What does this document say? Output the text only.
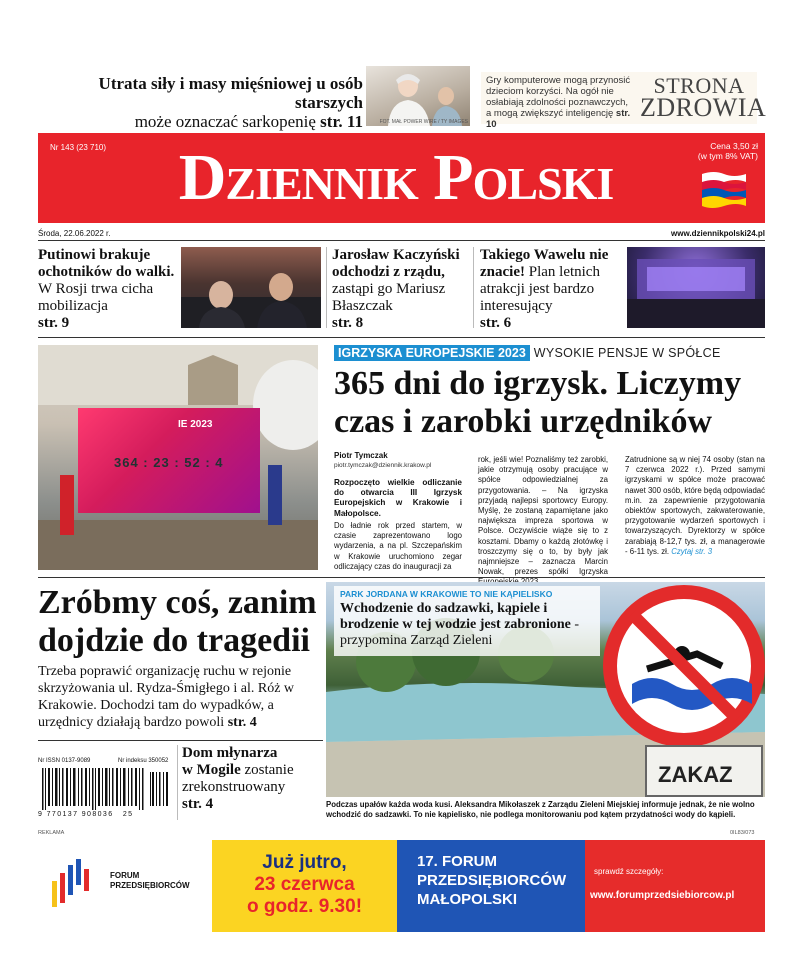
Utrata siły i masy mięśniowej u osób starszych
może oznaczać sarkopenię str. 11	FOT. MAŁ POWER WIRE / TY IMAGES
Gry komputerowe mogą przynosić dzieciom korzyści. Na ogół nie osłabiają zdolności poznawczych, a mogą zwiększyć inteligencję str. 10
STRONA
ZDROWIA
Nr 143 (23 710)	Dziennik Polski	Cena 3,50 zł
(w tym 8% VAT)
Środa, 22.06.2022 r.	www.dziennikpolski24.pl
Putinowi brakuje ochotników do walki. W Rosji trwa cicha mobilizacja
str. 9
Jarosław Kaczyński odchodzi z rządu, zastąpi go Mariusz Błaszczak
str. 8
Takiego Wawelu nie znacie! Plan letnich atrakcji jest bardzo interesujący
str. 6
IE 2023
364 : 23 : 52 : 4
IGRZYSKA EUROPEJSKIE 2023 WYSOKIE PENSJE W SPÓŁCE
365 dni do igrzysk. Liczymy czas i zarobki urzędników
Piotr Tymczak
piotr.tymczak@dziennik.krakow.pl
Rozpoczęto wielkie odliczanie do otwarcia III Igrzysk Europejskich w Krakowie i Małopolsce.
Do ładnie rok przed startem, w czasie zaprezentowano logo wydarzenia, a na pl. Szczepańskim w Krakowie uruchomiono zegar odliczający czas do inauguracji za
rok, jeśli wie! Poznaliśmy też zarobki, jakie otrzymują osoby pracujące w spółce odpowiedzialnej za przygotowania. – Na igrzyska przyjadą najlepsi sportowcy Europy. Myślę, że zostaną zapamiętane jako największa impreza sportowa w Polsce. Oczywiście wiąże się to z kosztami. Dbamy o każdą złotówkę i troszczymy się o to, by były jak najmniejsze – zaznacza Marcin Nowak, prezes spółki Igrzyska
Zatrudnione są w niej 74 osoby (stan na 7 czerwca 2022 r.). Przed samymi igrzyskami w spółce może pracować nawet 300 osób, które będą odpowiadać m.in. za zapewnienie przygotowania obiektów sportowych, zakwaterowanie, przygotowanie wydarzeń sportowych i towarzyszących. Dyrektorzy w spółce zarabiają 8-12,7 tys. zł, a managerowie - 6-11 tys. zł. Czytaj str. 3
Zróbmy coś, zanim dojdzie do tragedii
Trzeba poprawić organizację ruchu w rejonie skrzyżowania ul. Rydza-Śmigłego i al. Róż w Krakowie. Dochodzi tam do wypadków, a urzędnicy działają bardzo powoli str. 4
Nr ISSN 0137-9089	Nr indeksu 350052
9 770137 908036 25
Dom młynarza
w Mogile zostanie zrekonstruowany
str. 4
PARK JORDANA W KRAKOWIE TO NIE KĄPIELISKO
Wchodzenie do sadzawki, kąpiele i brodzenie w tej wodzie jest zabronione - przypomina Zarząd Zieleni
ZAKAZ
Podczas upałów każda woda kusi. Aleksandra Mikołaszek z Zarządu Zieleni Miejskiej informuje jednak, że nie wolno wchodzić do sadzawki. To nie kąpielisko, nie podlega monitorowaniu pod kątem przydatności wody do kąpieli.
REKLAMA	0IL83/073
FORUM
PRZEDSIĘBIORCÓW
Już jutro,
23 czerwca
o godz. 9.30!
17. FORUM
PRZEDSIĘBIORCÓW
MAŁOPOLSKI
sprawdź szczegóły:
www.forumprzedsiebiorcow.pl
